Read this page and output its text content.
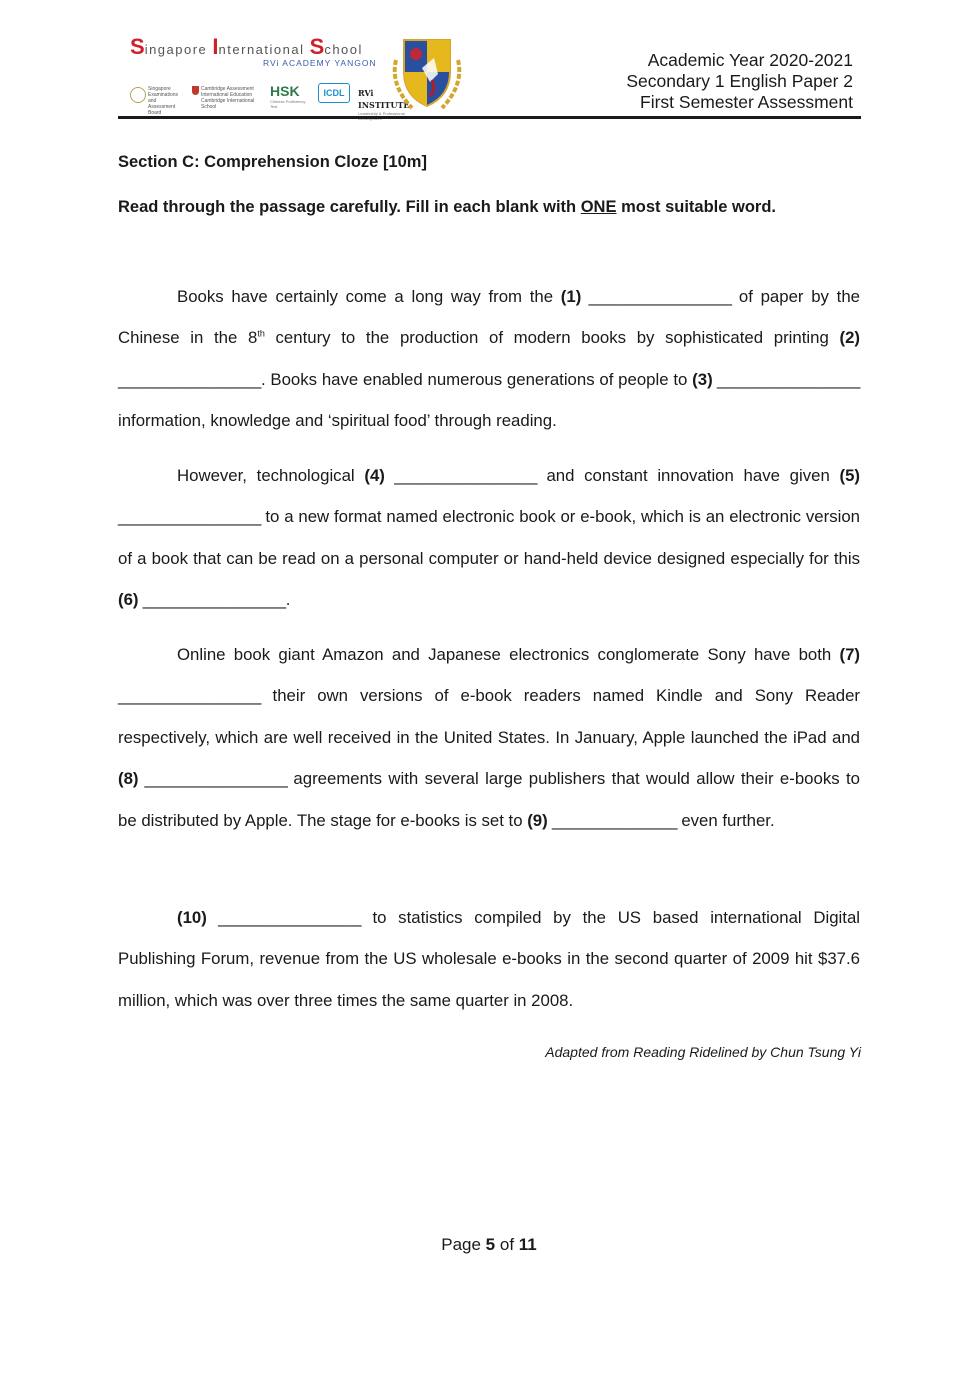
Singapore International School
RVi ACADEMY YANGON
Singapore Examinations and Assessment Board
Cambridge Assessment
International Education
Cambridge International School
HSK
Chinese Proficiency Test
ICDL	RVi INSTITUTE
Leadership & Professional
Academic Year 2020-2021
Secondary 1 English Paper 2
First Semester Assessment
Section C: Comprehension Cloze [10m]
Read through the passage carefully. Fill in each blank with ONE most suitable word.

Books have certainly come a long way from the (1) ________________ of paper by the Chinese in the 8th century to the production of modern books by sophisticated printing (2) ________________. Books have enabled numerous generations of people to (3) ________________ information, knowledge and ‘spiritual food’ through reading.

However, technological (4) ________________ and constant innovation have given (5) ________________ to a new format named electronic book or e-book, which is an electronic version of a book that can be read on a personal computer or hand-held device designed especially for this (6) ________________.

Online book giant Amazon and Japanese electronics conglomerate Sony have both (7) ________________ their own versions of e-book readers named Kindle and Sony Reader respectively, which are well received in the United States. In January, Apple launched the iPad and (8) ________________ agreements with several large publishers that would allow their e-books to be distributed by Apple. The stage for e-books is set to (9) ______________ even further.

(10) ________________ to statistics compiled by the US based international Digital Publishing Forum, revenue from the US wholesale e-books in the second quarter of 2009 hit $37.6 million, which was over three times the same quarter in 2008.

Adapted from Reading Ridelined by Chun Tsung Yi
Page 5 of 11
